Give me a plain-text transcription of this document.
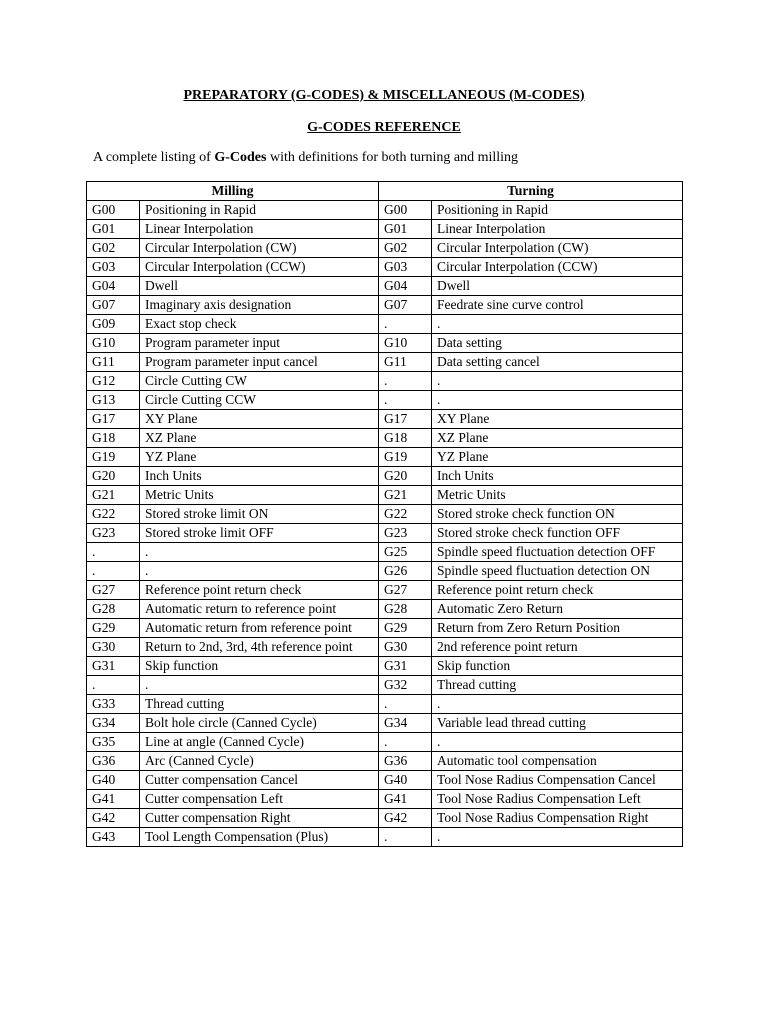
PREPARATORY (G-CODES) & MISCELLANEOUS (M-CODES)
G-CODES REFERENCE

A complete listing of G-Codes with definitions for both turning and milling

Milling		Turning	
G00	Positioning in Rapid	G00	Positioning in Rapid
G01	Linear Interpolation	G01	Linear Interpolation
G02	Circular Interpolation (CW)	G02	Circular Interpolation (CW)
G03	Circular Interpolation (CCW)	G03	Circular Interpolation (CCW)
G04	Dwell	G04	Dwell
G07	Imaginary axis designation	G07	Feedrate sine curve control
G09	Exact stop check	.	.
G10	Program parameter input	G10	Data setting
G11	Program parameter input cancel	G11	Data setting cancel
G12	Circle Cutting CW	.	.
G13	Circle Cutting CCW	.	.
G17	XY Plane	G17	XY Plane
G18	XZ Plane	G18	XZ Plane
G19	YZ Plane	G19	YZ Plane
G20	Inch Units	G20	Inch Units
G21	Metric Units	G21	Metric Units
G22	Stored stroke limit ON	G22	Stored stroke check function ON
G23	Stored stroke limit OFF	G23	Stored stroke check function OFF
.	.	G25	Spindle speed fluctuation detection OFF
.	.	G26	Spindle speed fluctuation detection ON
G27	Reference point return check	G27	Reference point return check
G28	Automatic return to reference point	G28	Automatic Zero Return
G29	Automatic return from reference point	G29	Return from Zero Return Position
G30	Return to 2nd, 3rd, 4th reference point	G30	2nd reference point return
G31	Skip function	G31	Skip function
.	.	G32	Thread cutting
G33	Thread cutting	.	.
G34	Bolt hole circle (Canned Cycle)	G34	Variable lead thread cutting
G35	Line at angle (Canned Cycle)	.	.
G36	Arc (Canned Cycle)	G36	Automatic tool compensation
G40	Cutter compensation Cancel	G40	Tool Nose Radius Compensation Cancel
G41	Cutter compensation Left	G41	Tool Nose Radius Compensation Left
G42	Cutter compensation Right	G42	Tool Nose Radius Compensation Right
G43	Tool Length Compensation (Plus)	.	.
